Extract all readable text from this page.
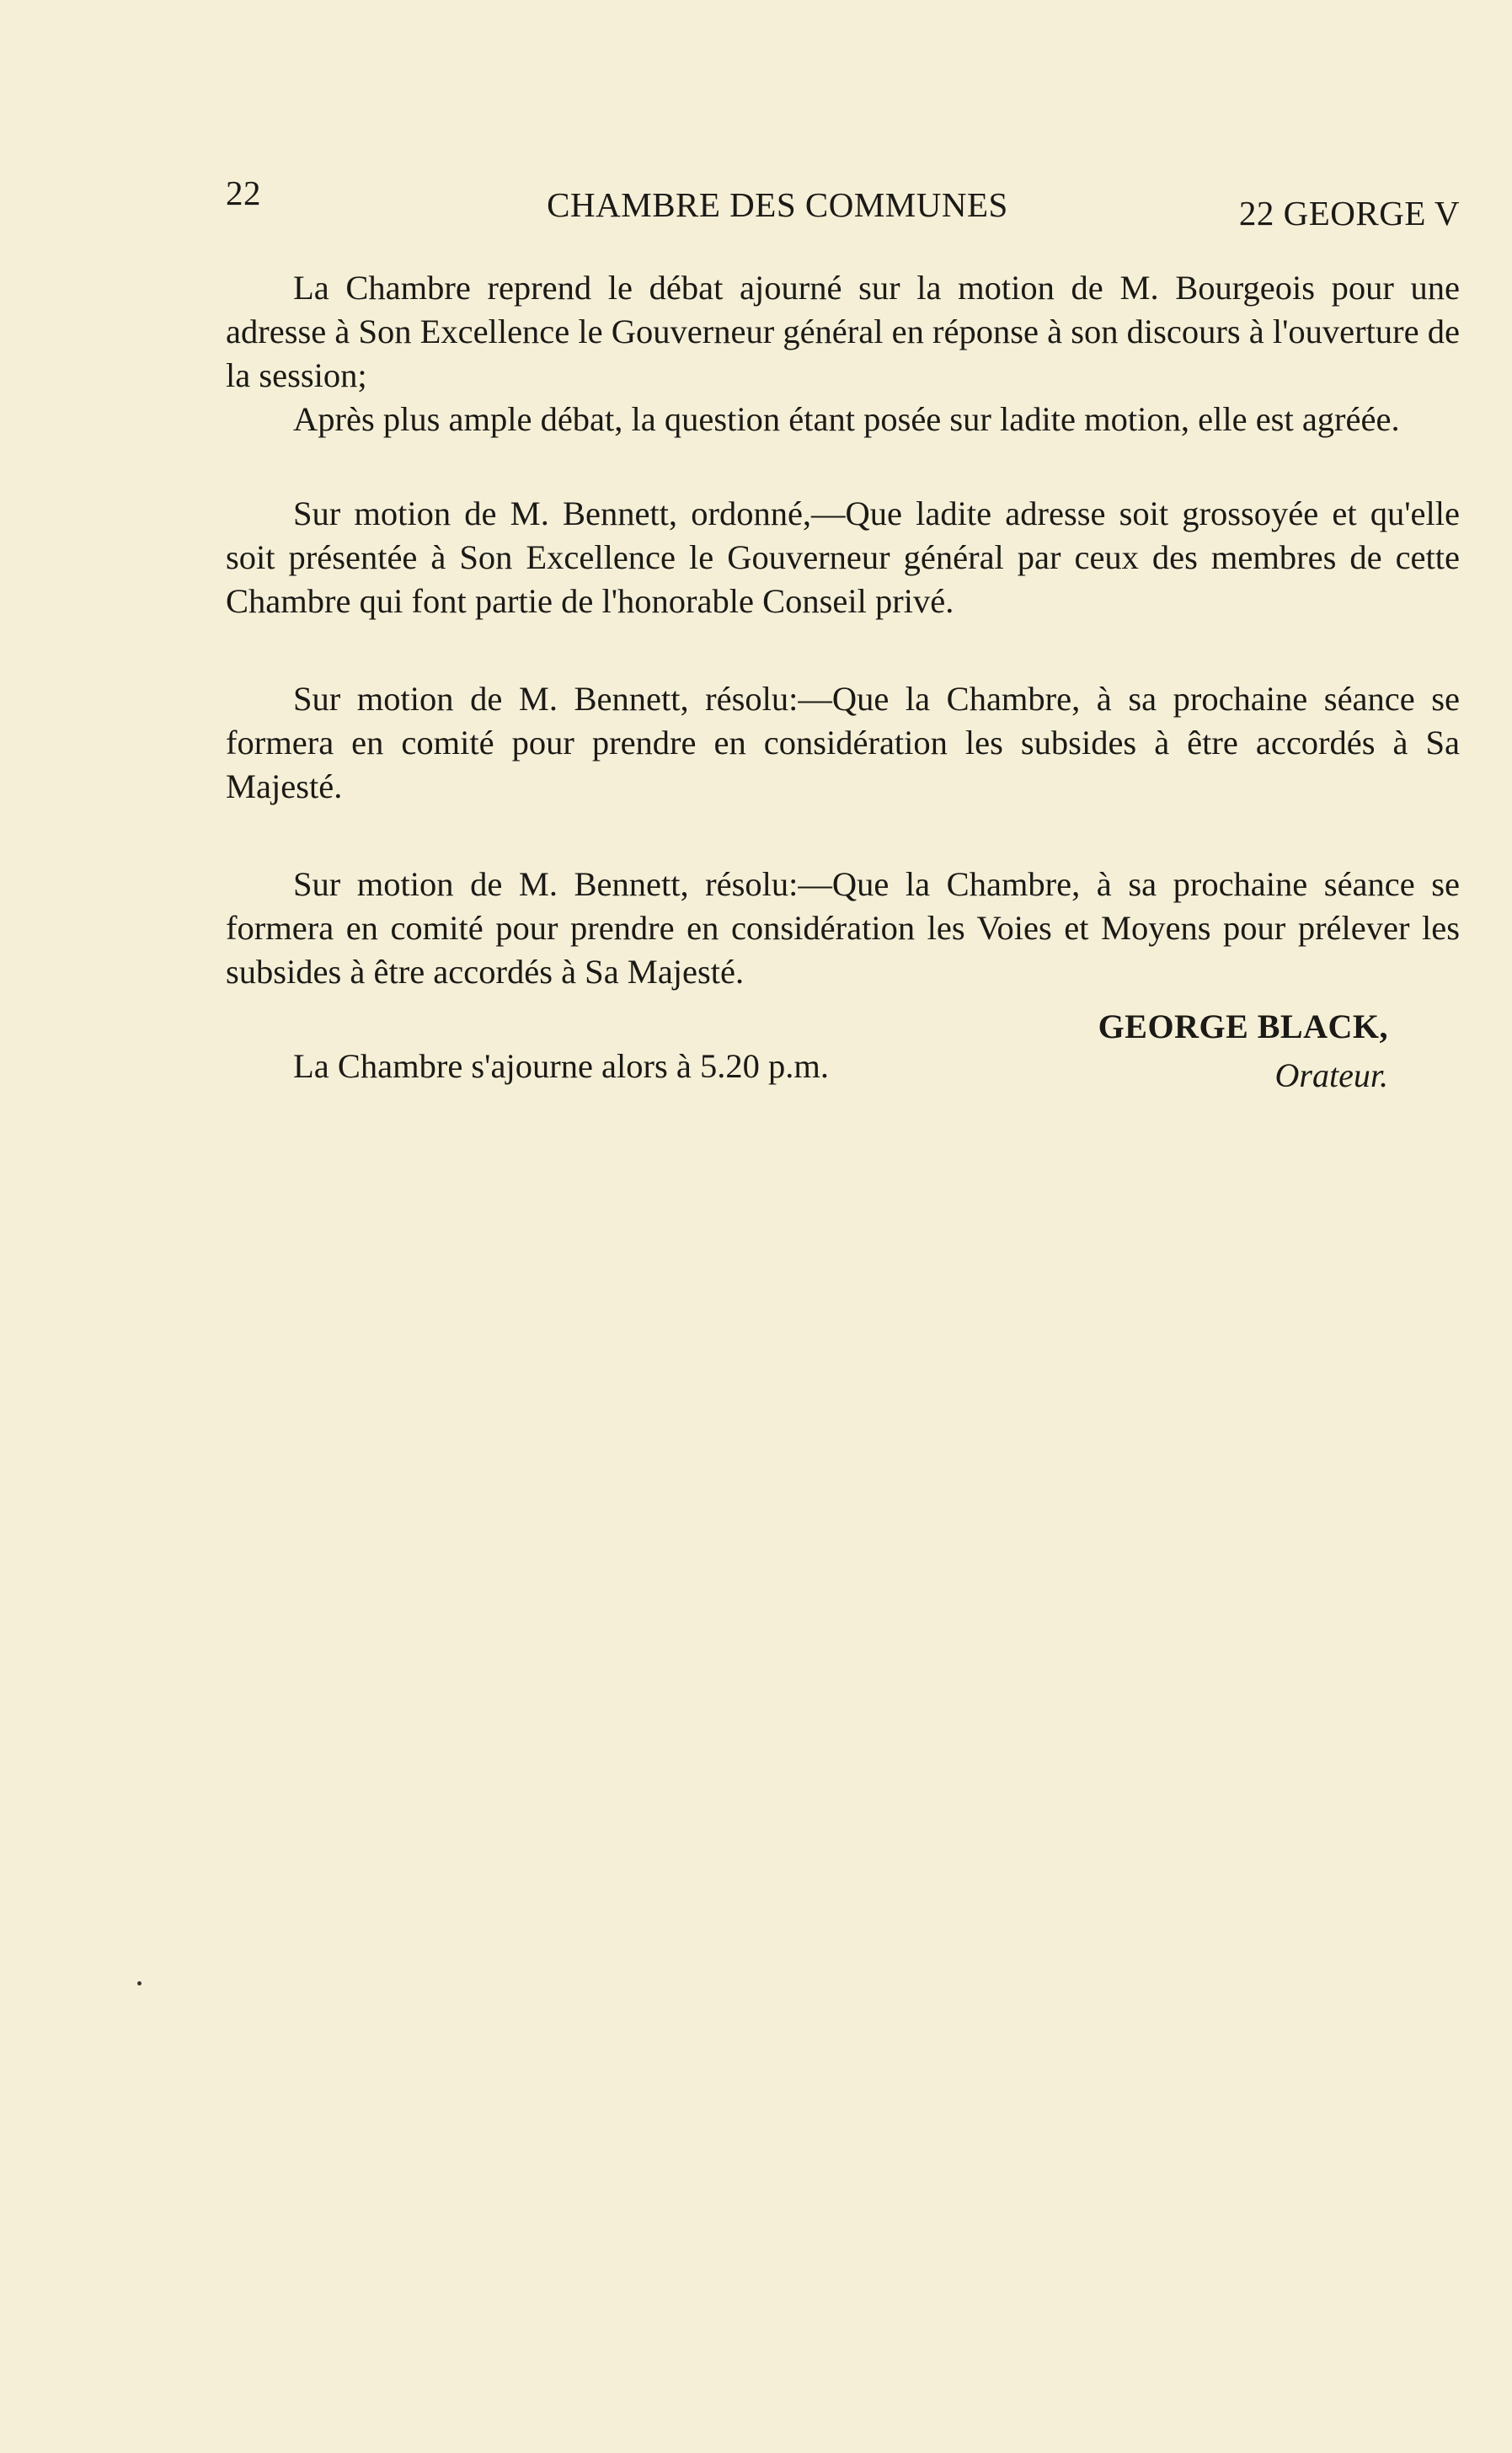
22	CHAMBRE DES COMMUNES	22 GEORGE V

La Chambre reprend le débat ajourné sur la motion de M. Bourgeois pour une adresse à Son Excellence le Gouverneur général en réponse à son discours à l'ouverture de la session;

Après plus ample débat, la question étant posée sur ladite motion, elle est agréée.

Sur motion de M. Bennett, ordonné,—Que ladite adresse soit grossoyée et qu'elle soit présentée à Son Excellence le Gouverneur général par ceux des membres de cette Chambre qui font partie de l'honorable Conseil privé.

Sur motion de M. Bennett, résolu:—Que la Chambre, à sa prochaine séance se formera en comité pour prendre en considération les subsides à être accordés à Sa Majesté.

Sur motion de M. Bennett, résolu:—Que la Chambre, à sa prochaine séance se formera en comité pour prendre en considération les Voies et Moyens pour prélever les subsides à être accordés à Sa Majesté.

La Chambre s'ajourne alors à 5.20 p.m.

GEORGE BLACK,
Orateur.
